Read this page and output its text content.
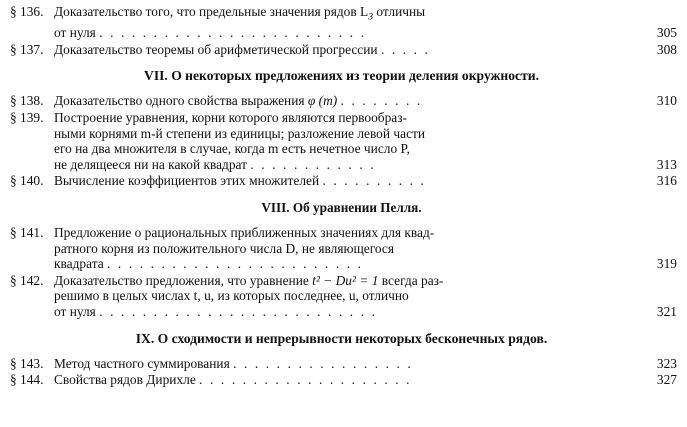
§ 136. Доказательство того, что предельные значения рядов $L_3$ отличны
от нуля . . . . . . . . . . . . . . . . . . . . . . . . .	305
§ 137. Доказательство теоремы об арифметической прогрессии . . . . .	308
VII. О некоторых предложениях из теории деления окружности.
§ 138. Доказательство одного свойства выражения φ (m) . . . . . . . .	310
§ 139. Построение уравнения, корни которого являются первообраз-
ными корнями m-й степени из единицы; разложение левой части
его на два множителя в случае, когда m есть нечетное число P,
не делящееся ни на какой квадрат . . . . . . . . . . . .	313
§ 140. Вычисление коэффициентов этих множителей . . . . . . . . . .	316
VIII. Об уравнении Пелля.
§ 141. Предложение о рациональных приближенных значениях для квад-
ратного корня из положительного числа D, не являющегося
квадрата . . . . . . . . . . . . . . . . . . . . . . . .	319
§ 142. Доказательство предложения, что уравнение t² − Du² = 1 всегда раз-
решимо в целых числах t, u, из которых последнее, u, отлично
от нуля . . . . . . . . . . . . . . . . . . . . . . . . . .	321
IX. О сходимости и непрерывности некоторых бесконечных рядов.
§ 143. Метод частного суммирования . . . . . . . . . . . . . . . . .	323
§ 144. Свойства рядов Дирихле . . . . . . . . . . . . . . . . . . . .	327
